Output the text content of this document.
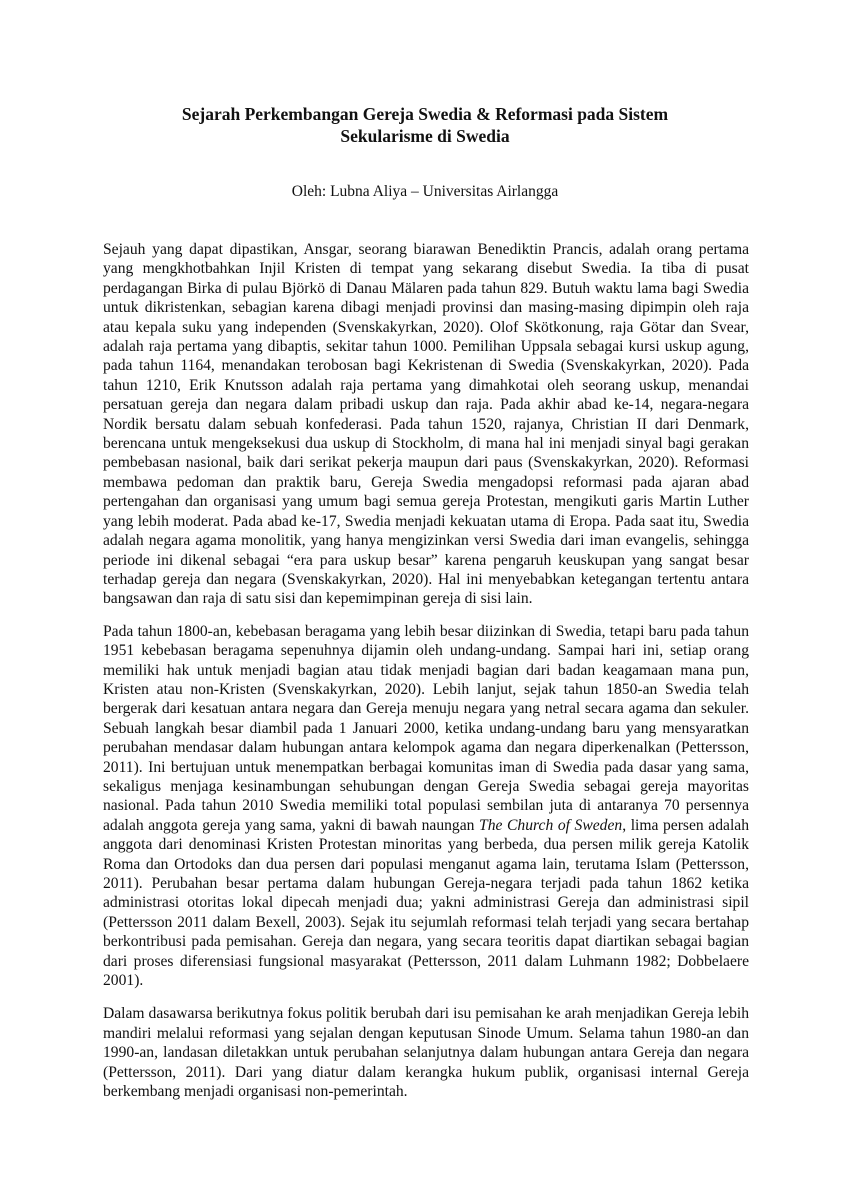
Sejarah Perkembangan Gereja Swedia & Reformasi pada Sistem
Sekularisme di Swedia

Oleh: Lubna Aliya – Universitas Airlangga

Sejauh yang dapat dipastikan, Ansgar, seorang biarawan Benediktin Prancis, adalah orang pertama yang mengkhotbahkan Injil Kristen di tempat yang sekarang disebut Swedia. Ia tiba di pusat perdagangan Birka di pulau Björkö di Danau Mälaren pada tahun 829. Butuh waktu lama bagi Swedia untuk dikristenkan, sebagian karena dibagi menjadi provinsi dan masing-masing dipimpin oleh raja atau kepala suku yang independen (Svenskakyrkan, 2020). Olof Skötkonung, raja Götar dan Svear, adalah raja pertama yang dibaptis, sekitar tahun 1000. Pemilihan Uppsala sebagai kursi uskup agung, pada tahun 1164, menandakan terobosan bagi Kekristenan di Swedia (Svenskakyrkan, 2020). Pada tahun 1210, Erik Knutsson adalah raja pertama yang dimahkotai oleh seorang uskup, menandai persatuan gereja dan negara dalam pribadi uskup dan raja. Pada akhir abad ke-14, negara-negara Nordik bersatu dalam sebuah konfederasi. Pada tahun 1520, rajanya, Christian II dari Denmark, berencana untuk mengeksekusi dua uskup di Stockholm, di mana hal ini menjadi sinyal bagi gerakan pembebasan nasional, baik dari serikat pekerja maupun dari paus (Svenskakyrkan, 2020). Reformasi membawa pedoman dan praktik baru, Gereja Swedia mengadopsi reformasi pada ajaran abad pertengahan dan organisasi yang umum bagi semua gereja Protestan, mengikuti garis Martin Luther yang lebih moderat. Pada abad ke-17, Swedia menjadi kekuatan utama di Eropa. Pada saat itu, Swedia adalah negara agama monolitik, yang hanya mengizinkan versi Swedia dari iman evangelis, sehingga periode ini dikenal sebagai “era para uskup besar” karena pengaruh keuskupan yang sangat besar terhadap gereja dan negara (Svenskakyrkan, 2020). Hal ini menyebabkan ketegangan tertentu antara bangsawan dan raja di satu sisi dan kepemimpinan gereja di sisi lain.

Pada tahun 1800-an, kebebasan beragama yang lebih besar diizinkan di Swedia, tetapi baru pada tahun 1951 kebebasan beragama sepenuhnya dijamin oleh undang-undang. Sampai hari ini, setiap orang memiliki hak untuk menjadi bagian atau tidak menjadi bagian dari badan keagamaan mana pun, Kristen atau non-Kristen (Svenskakyrkan, 2020). Lebih lanjut, sejak tahun 1850-an Swedia telah bergerak dari kesatuan antara negara dan Gereja menuju negara yang netral secara agama dan sekuler. Sebuah langkah besar diambil pada 1 Januari 2000, ketika undang-undang baru yang mensyaratkan perubahan mendasar dalam hubungan antara kelompok agama dan negara diperkenalkan (Pettersson, 2011). Ini bertujuan untuk menempatkan berbagai komunitas iman di Swedia pada dasar yang sama, sekaligus menjaga kesinambungan sehubungan dengan Gereja Swedia sebagai gereja mayoritas nasional. Pada tahun 2010 Swedia memiliki total populasi sembilan juta di antaranya 70 persennya adalah anggota gereja yang sama, yakni di bawah naungan The Church of Sweden, lima persen adalah anggota dari denominasi Kristen Protestan minoritas yang berbeda, dua persen milik gereja Katolik Roma dan Ortodoks dan dua persen dari populasi menganut agama lain, terutama Islam (Pettersson, 2011). Perubahan besar pertama dalam hubungan Gereja-negara terjadi pada tahun 1862 ketika administrasi otoritas lokal dipecah menjadi dua; yakni administrasi Gereja dan administrasi sipil (Pettersson 2011 dalam Bexell, 2003). Sejak itu sejumlah reformasi telah terjadi yang secara bertahap berkontribusi pada pemisahan. Gereja dan negara, yang secara teoritis dapat diartikan sebagai bagian dari proses diferensiasi fungsional masyarakat (Pettersson, 2011 dalam Luhmann 1982; Dobbelaere 2001).

Dalam dasawarsa berikutnya fokus politik berubah dari isu pemisahan ke arah menjadikan Gereja lebih mandiri melalui reformasi yang sejalan dengan keputusan Sinode Umum. Selama tahun 1980-an dan 1990-an, landasan diletakkan untuk perubahan selanjutnya dalam hubungan antara Gereja dan negara (Pettersson, 2011). Dari yang diatur dalam kerangka hukum publik, organisasi internal Gereja berkembang menjadi organisasi non-pemerintah.
